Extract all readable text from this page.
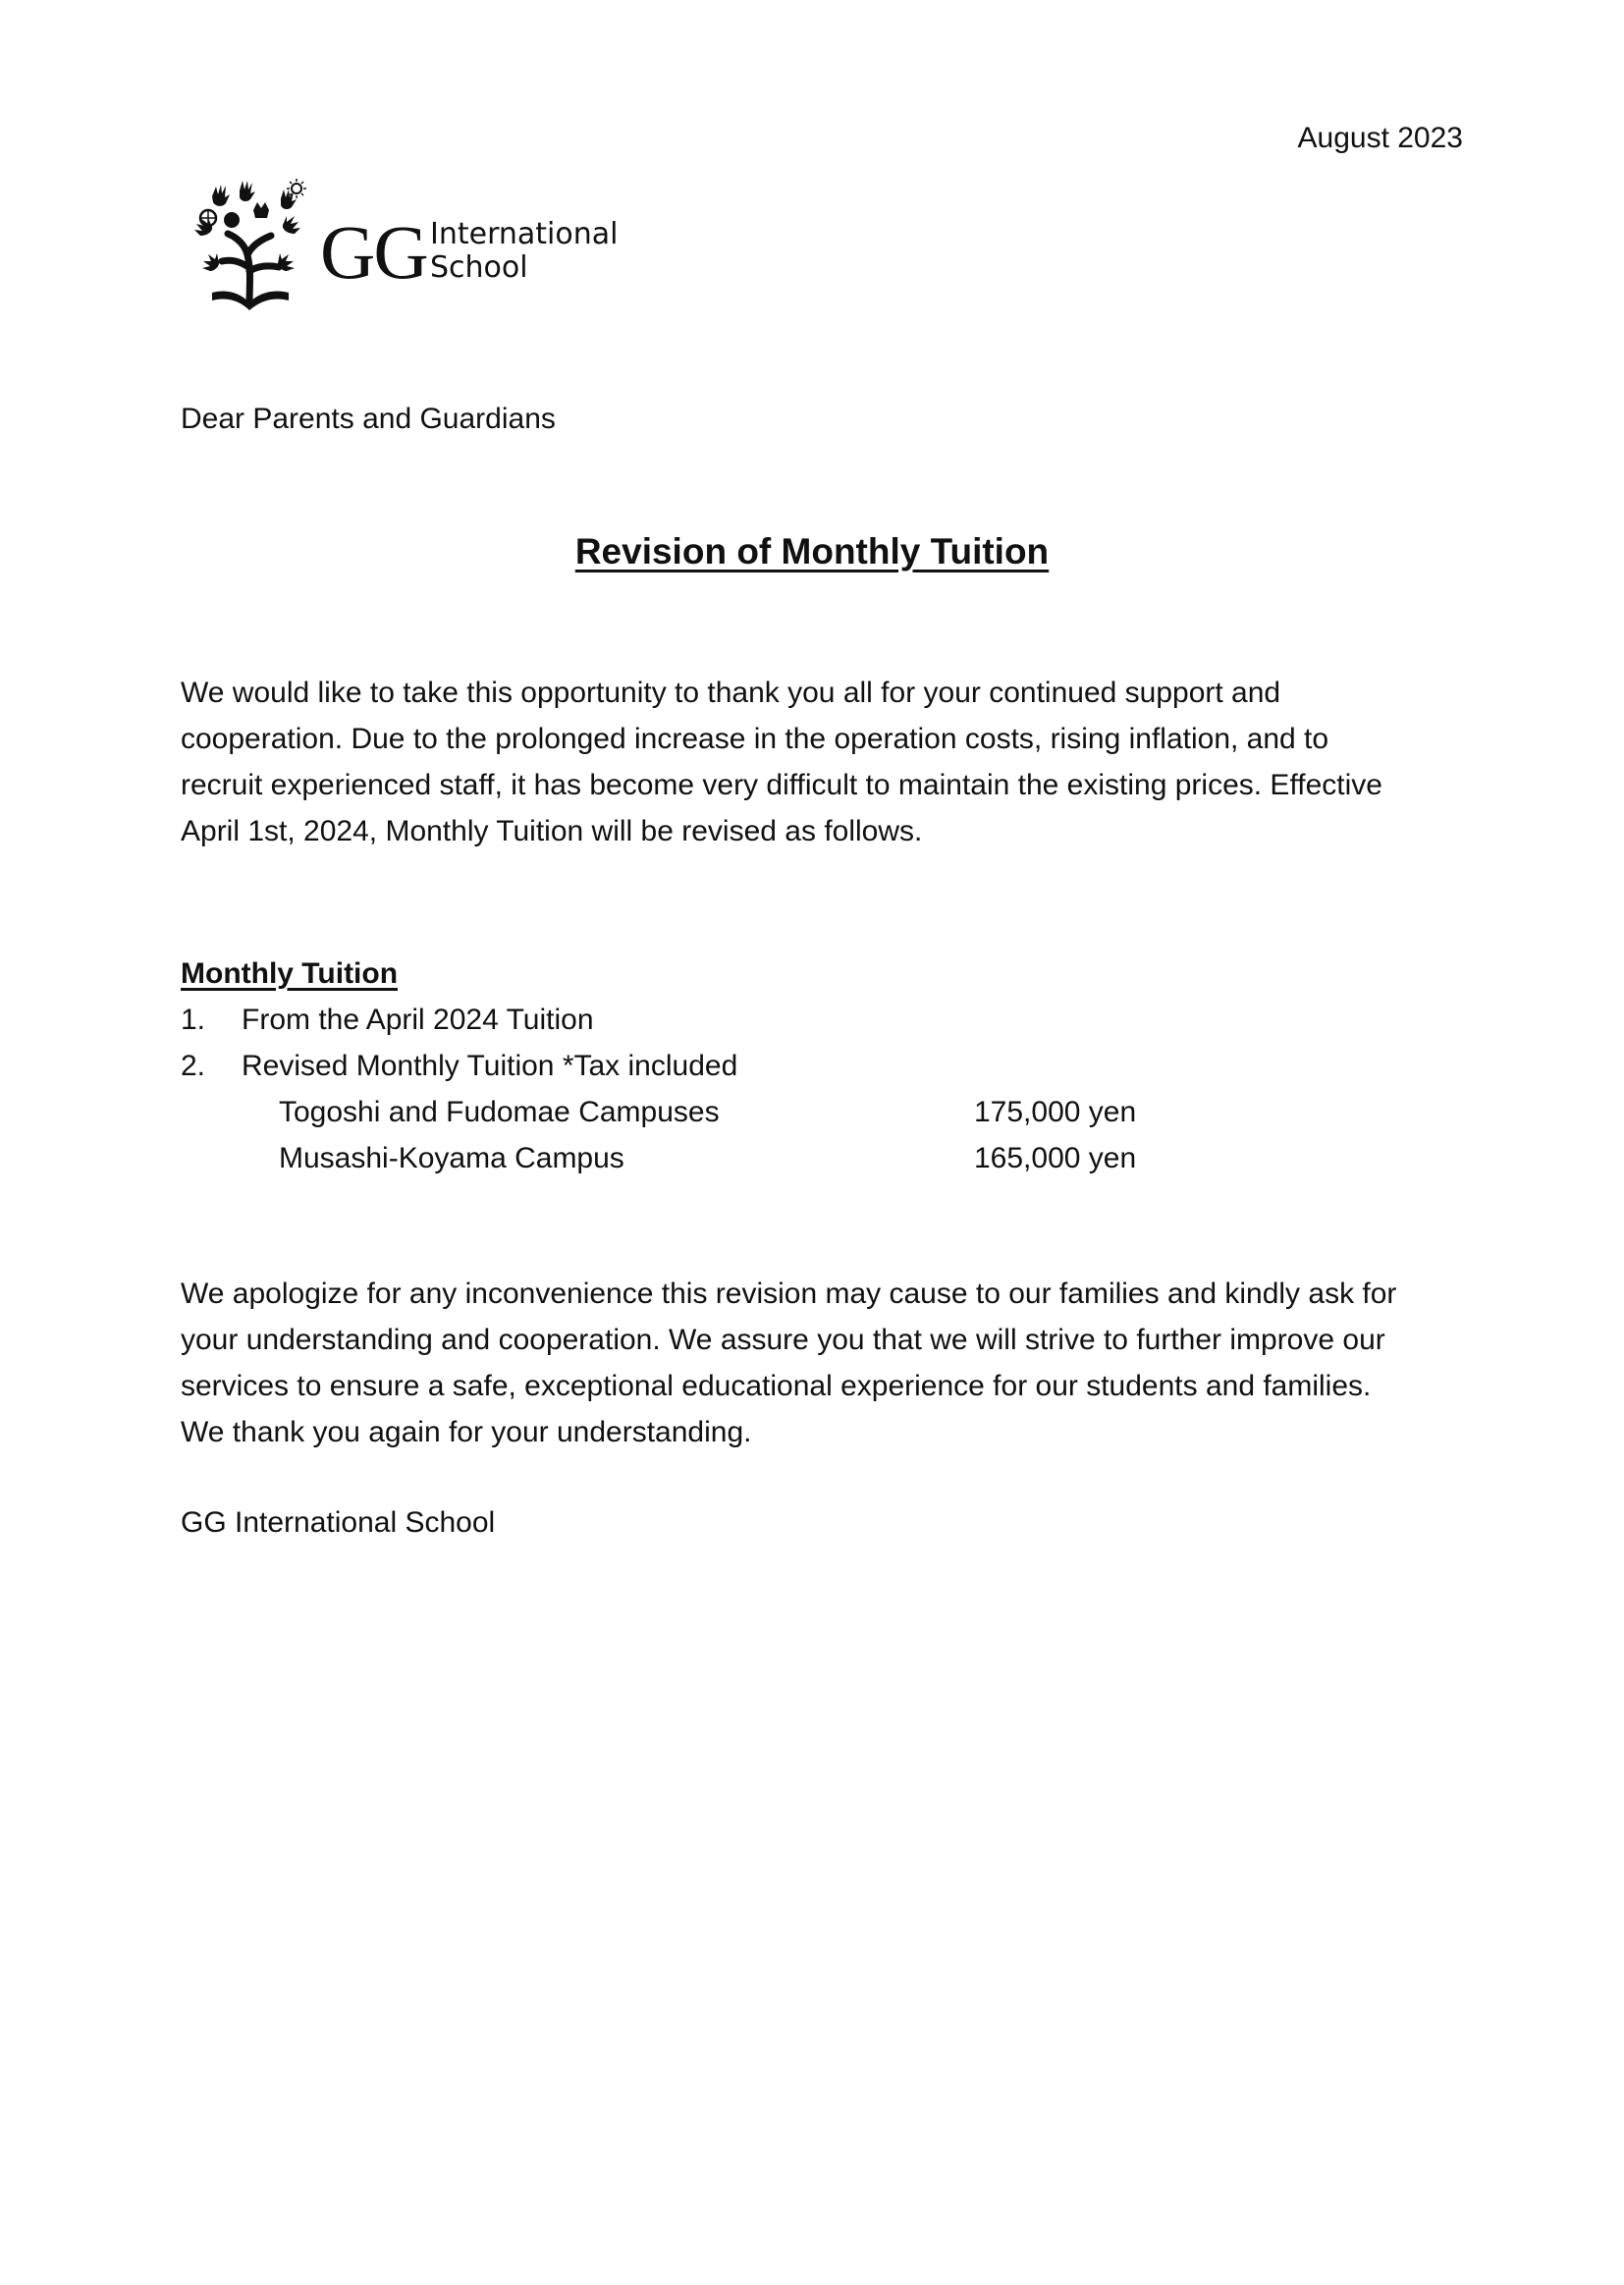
August 2023
GG International
School
Dear Parents and Guardians
Revision of Monthly Tuition

We would like to take this opportunity to thank you all for your continued support and

cooperation. Due to the prolonged increase in the operation costs, rising inflation, and to

recruit experienced staff, it has become very difficult to maintain the existing prices. Effective

April 1st, 2024, Monthly Tuition will be revised as follows.

Monthly Tuition
1.	From the April 2024 Tuition
2.	Revised Monthly Tuition *Tax included
Togoshi and Fudomae Campuses	175,000 yen
Musashi-Koyama Campus	165,000 yen

We apologize for any inconvenience this revision may cause to our families and kindly ask for

your understanding and cooperation. We assure you that we will strive to further improve our

services to ensure a safe, exceptional educational experience for our students and families.

We thank you again for your understanding.

GG International School
